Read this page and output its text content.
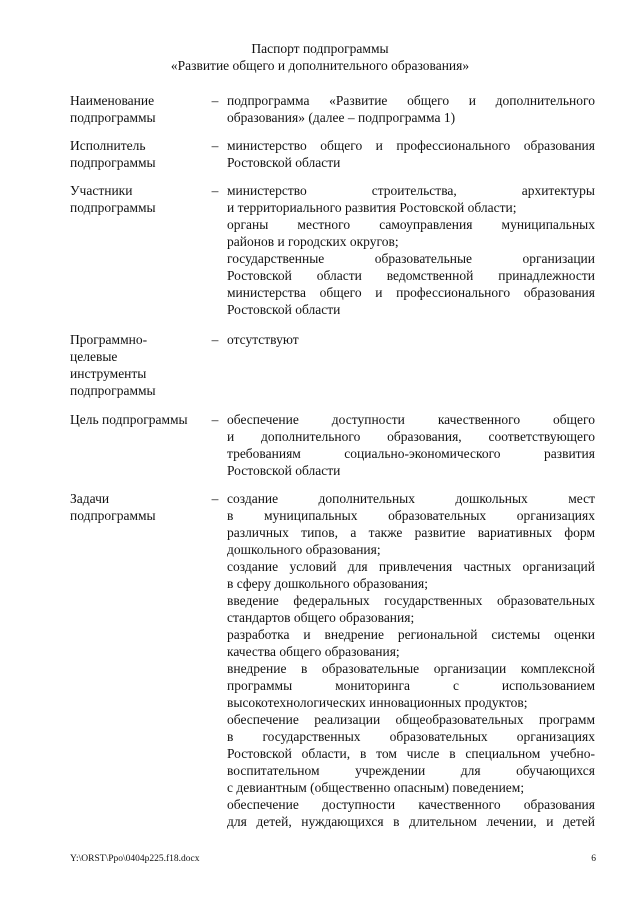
Паспорт подпрограммы
«Развитие общего и дополнительного образования»
Наименование
подпрограммы
– подпрограмма «Развитие общего и дополнительного
образования» (далее – подпрограмма 1)
Исполнитель
подпрограммы
– министерство общего и профессионального образования
Ростовской области
Участники
подпрограммы
– министерство строительства, архитектуры
и территориального развития Ростовской области;
органы местного самоуправления муниципальных
районов и городских округов;
государственные образовательные организации
Ростовской области ведомственной принадлежности
министерства общего и профессионального образования
Ростовской области
Программно-
целевые
инструменты
подпрограммы
– отсутствуют
Цель подпрограммы	– обеспечение доступности качественного общего
и дополнительного образования, соответствующего
требованиям социально-экономического развития
Ростовской области
Задачи
подпрограммы
– создание дополнительных дошкольных мест
в муниципальных образовательных организациях
различных типов, а также развитие вариативных форм
дошкольного образования;
создание условий для привлечения частных организаций
в сферу дошкольного образования;
введение федеральных государственных образовательных
стандартов общего образования;
разработка и внедрение региональной системы оценки
качества общего образования;
внедрение в образовательные организации комплексной
программы мониторинга с использованием
высокотехнологических инновационных продуктов;
обеспечение реализации общеобразовательных программ
в государственных образовательных организациях
Ростовской области, в том числе в специальном учебно-
воспитательном учреждении для обучающихся
с девиантным (общественно опасным) поведением;
обеспечение доступности качественного образования
для детей, нуждающихся в длительном лечении, и детей
Y:\ORST\Ppo\0404p225.f18.docx	6
